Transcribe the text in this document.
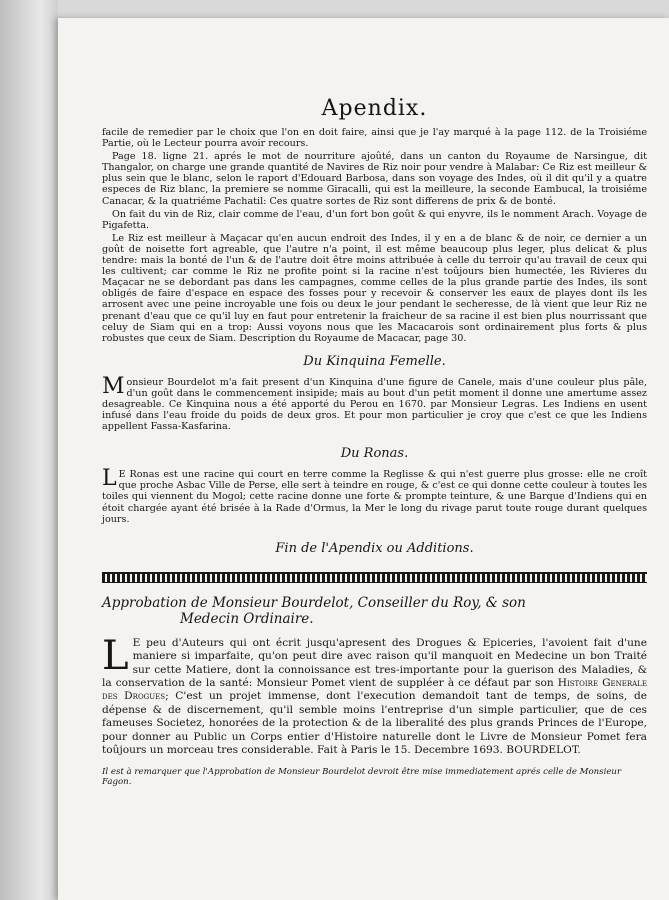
Apendix.

facile de remedier par le choix que l'on en doit faire, ainsi que je l'ay marqué à la page 112. de la Troisiéme Partie, où le Lecteur pourra avoir recours.

Page 18. ligne 21. aprés le mot de nourriture ajoûté, dans un canton du Royaume de Narsingue, dit Thangalor, on charge une grande quantité de Navires de Riz noir pour vendre à Malabar: Ce Riz est meilleur & plus sein que le blanc, selon le raport d'Edouard Barbosa, dans son voyage des Indes, où il dit qu'il y a quatre especes de Riz blanc, la premiere se nomme Giracalli, qui est la meilleure, la seconde Eambucal, la troisiéme Canacar, & la quatriéme Pachatil: Ces quatre sortes de Riz sont differens de prix & de bonté.

On fait du vin de Riz, clair comme de l'eau, d'un fort bon goût & qui enyvre, ils le nomment Arach. Voyage de Pigafetta.

Le Riz est meilleur à Maçacar qu'en aucun endroit des Indes, il y en a de blanc & de noir, ce dernier a un goût de noisette fort agreable, que l'autre n'a point, il est même beaucoup plus leger, plus delicat & plus tendre: mais la bonté de l'un & de l'autre doit être moins attribuée à celle du terroir qu'au travail de ceux qui les cultivent; car comme le Riz ne profite point si la racine n'est toûjours bien humectée, les Rivieres du Maçacar ne se debordant pas dans les campagnes, comme celles de la plus grande partie des Indes, ils sont obligés de faire d'espace en espace des fosses pour y recevoir & conserver les eaux de playes dont ils les arrosent avec une peine incroyable une fois ou deux le jour pendant le secheresse, de là vient que leur Riz ne prenant d'eau que ce qu'il luy en faut pour entretenir la fraicheur de sa racine il est bien plus nourrissant que celuy de Siam qui en a trop: Aussi voyons nous que les Macacarois sont ordinairement plus forts & plus robustes que ceux de Siam. Description du Royaume de Macacar, page 30.

Du Kinquina Femelle.

Monsieur Bourdelot m'a fait present d'un Kinquina d'une figure de Canele, mais d'une couleur plus pâle, d'un goût dans le commencement insipide; mais au bout d'un petit moment il donne une amertume assez desagreable. Ce Kinquina nous a été apporté du Perou en 1670. par Monsieur Legras. Les Indiens en usent infusé dans l'eau froide du poids de deux gros. Et pour mon particulier je croy que c'est ce que les Indiens appellent Fassa-Kasfarina.

Du Ronas.

L E Ronas est une racine qui court en terre comme la Reglisse & qui n'est guerre plus grosse: elle ne croît que proche Asbac Ville de Perse, elle sert à teindre en rouge, & c'est ce qui donne cette couleur à toutes les toiles qui viennent du Mogol; cette racine donne une forte & prompte teinture, & une Barque d'Indiens qui en étoit chargée ayant été brisée à la Rade d'Ormus, la Mer le long du rivage parut toute rouge durant quelques jours.

Fin de l'Apendix ou Additions.
Approbation de Monsieur Bourdelot, Conseiller du Roy, & son
Medecin Ordinaire.

L E peu d'Auteurs qui ont écrit jusqu'apresent des Drogues & Epiceries, l'avoient fait d'une maniere si imparfaite, qu'on peut dire avec raison qu'il manquoit en Medecine un bon Traité sur cette Matiere, dont la connoissance est tres-importante pour la guerison des Maladies, & la conservation de la santé: Monsieur Pomet vient de suppléer à ce défaut par son Histoire Generale des Drogues; C'est un projet immense, dont l'execution demandoit tant de temps, de soins, de dépense & de discernement, qu'il semble moins l'entreprise d'un simple particulier, que de ces fameuses Societez, honorées de la protection & de la liberalité des plus grands Princes de l'Europe, pour donner au Public un Corps entier d'Histoire naturelle dont le Livre de Monsieur Pomet fera toûjours un morceau tres considerable. Fait à Paris le 15. Decembre 1693. BOURDELOT.

Il est à remarquer que l'Approbation de Monsieur Bourdelot devroit être mise immediatement aprés celle de Monsieur Fagon.
